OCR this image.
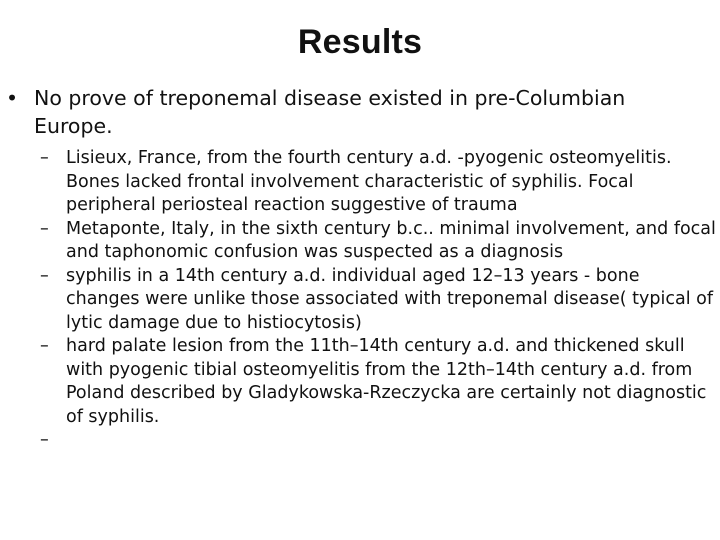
Results
• No prove of treponemal disease existed in pre-Columbian Europe.
– Lisieux, France, from the fourth century a.d. -pyogenic osteomyelitis. Bones lacked frontal involvement characteristic of syphilis. Focal peripheral periosteal reaction suggestive of trauma
– Metaponte, Italy, in the sixth century b.c.. minimal involvement, and focal and taphonomic confusion was suspected as a diagnosis
– syphilis in a 14th century a.d. individual aged 12–13 years - bone changes were unlike those associated with treponemal disease( typical of lytic damage due to histiocytosis)
– hard palate lesion from the 11th–14th century a.d. and thickened skull with pyogenic tibial osteomyelitis from the 12th–14th century a.d. from Poland described by Gladykowska-Rzeczycka are certainly not diagnostic of syphilis.
–
